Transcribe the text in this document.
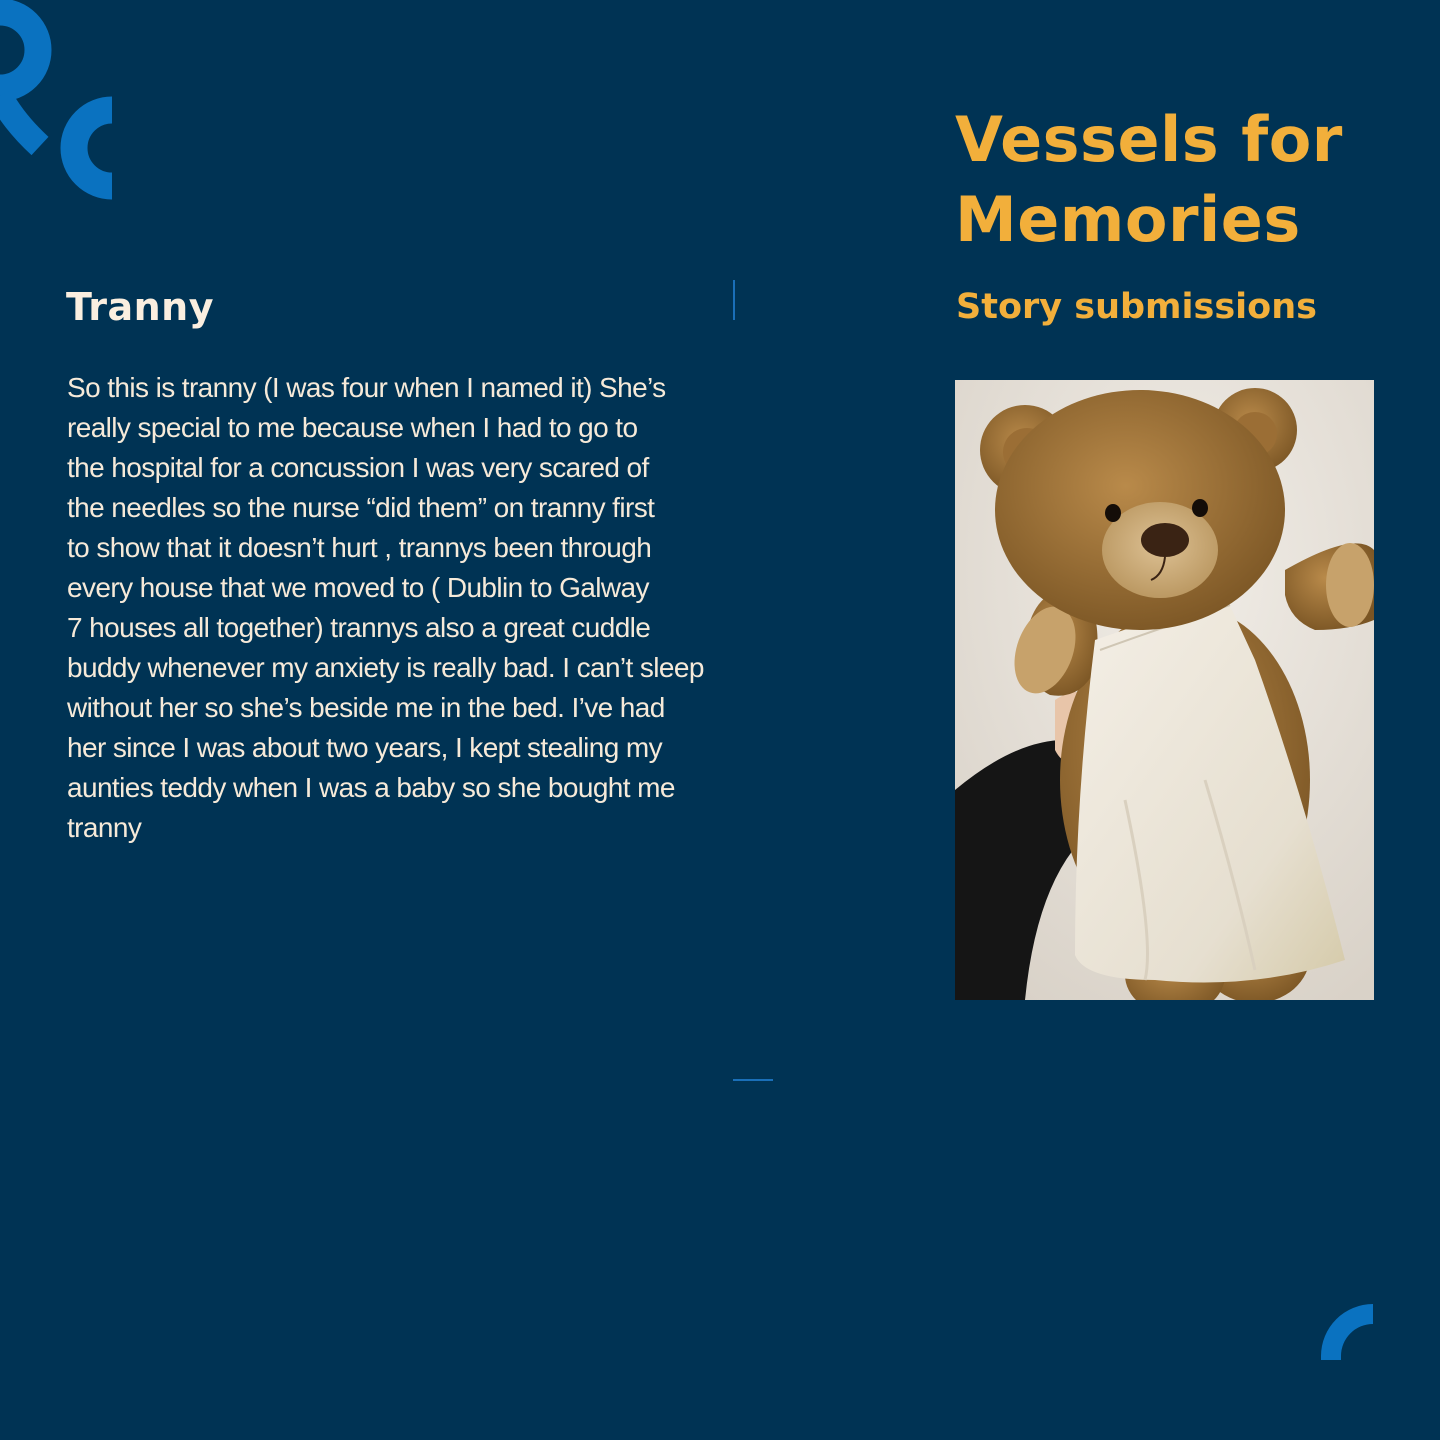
Vessels for
Memories
Story submissions
Tranny
So this is tranny (I was four when I named it) She’s
really special to me because when I had to go to
the hospital for a concussion I was very scared of
the needles so the nurse “did them” on tranny first
to show that it doesn’t hurt , trannys been through
every house that we moved to ( Dublin to Galway
7 houses all together) trannys also a great cuddle
buddy whenever my anxiety is really bad. I can’t sleep
without her so she’s beside me in the bed. I’ve had
her since I was about two years, I kept stealing my
aunties teddy when I was a baby so she bought me
tranny
